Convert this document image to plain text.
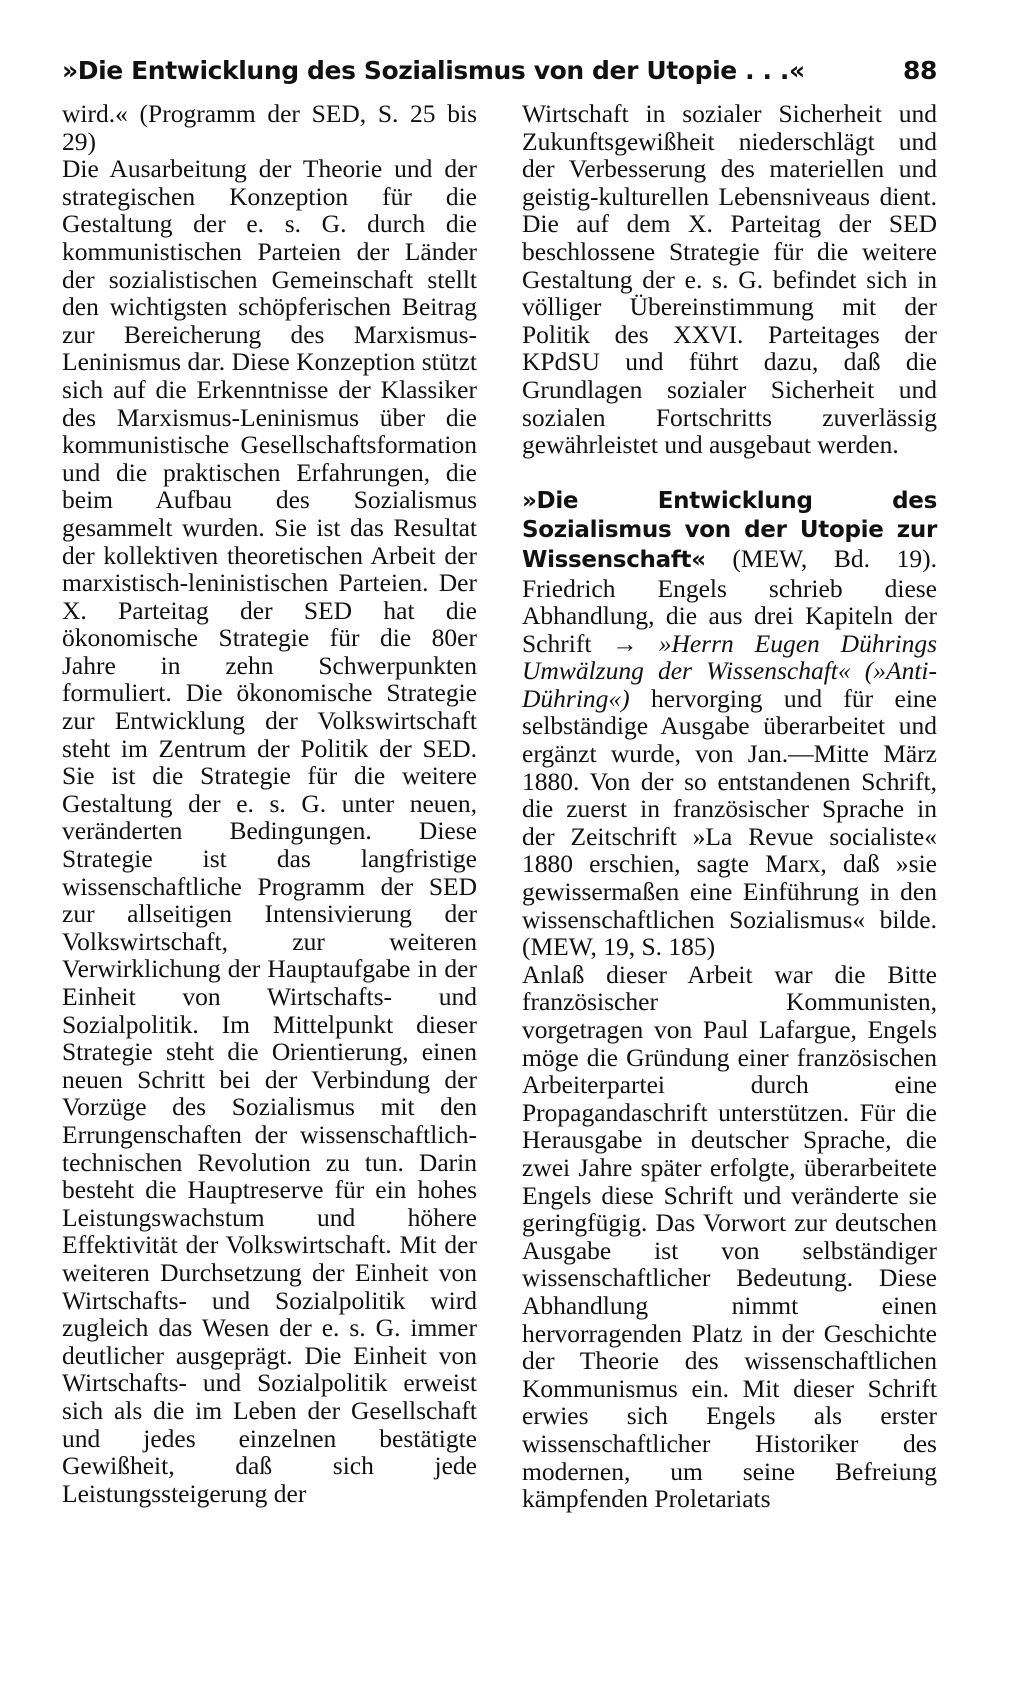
»Die Entwicklung des Sozialismus von der Utopie . . .«	88

wird.« (Programm der SED, S. 25 bis 29)

Die Ausarbeitung der Theorie und der strategischen Konzeption für die Gestaltung der e. s. G. durch die kommunistischen Parteien der Länder der sozialistischen Gemeinschaft stellt den wichtigsten schöpferischen Beitrag zur Bereicherung des Marxismus-Leninismus dar. Diese Konzeption stützt sich auf die Erkenntnisse der Klassiker des Marxismus-Leninismus über die kommunistische Gesellschaftsformation und die praktischen Erfahrungen, die beim Aufbau des Sozialismus gesammelt wurden. Sie ist das Resultat der kollektiven theoretischen Arbeit der marxistisch-leninistischen Parteien. Der X. Parteitag der SED hat die ökonomische Strategie für die 80er Jahre in zehn Schwerpunkten formuliert. Die ökonomische Strategie zur Entwicklung der Volkswirtschaft steht im Zentrum der Politik der SED. Sie ist die Strategie für die weitere Gestaltung der e. s. G. unter neuen, veränderten Bedingungen. Diese Strategie ist das langfristige wissenschaftliche Programm der SED zur allseitigen Intensivierung der Volkswirtschaft, zur weiteren Verwirklichung der Hauptaufgabe in der Einheit von Wirtschafts- und Sozialpolitik. Im Mittelpunkt dieser Strategie steht die Orientierung, einen neuen Schritt bei der Verbindung der Vorzüge des Sozialismus mit den Errungenschaften der wissenschaftlich-technischen Revolution zu tun. Darin besteht die Hauptreserve für ein hohes Leistungswachstum und höhere Effektivität der Volkswirtschaft. Mit der weiteren Durchsetzung der Einheit von Wirtschafts- und Sozialpolitik wird zugleich das Wesen der e. s. G. immer deutlicher ausgeprägt. Die Einheit von Wirtschafts- und Sozialpolitik erweist sich als die im Leben der Gesellschaft und jedes einzelnen bestätigte Gewißheit, daß sich jede Leistungssteigerung der

Wirtschaft in sozialer Sicherheit und Zukunftsgewißheit niederschlägt und der Verbesserung des materiellen und geistig-kulturellen Lebensniveaus dient. Die auf dem X. Parteitag der SED beschlossene Strategie für die weitere Gestaltung der e. s. G. befindet sich in völliger Übereinstimmung mit der Politik des XXVI. Parteitages der KPdSU und führt dazu, daß die Grundlagen sozialer Sicherheit und sozialen Fortschritts zuverlässig gewährleistet und ausgebaut werden.

»Die Entwicklung des Sozialismus von der Utopie zur Wissenschaft« (MEW, Bd. 19). Friedrich Engels schrieb diese Abhandlung, die aus drei Kapiteln der Schrift → »Herrn Eugen Dührings Umwälzung der Wissenschaft« (»Anti-Dühring«) hervorging und für eine selbständige Ausgabe überarbeitet und ergänzt wurde, von Jan.—Mitte März 1880. Von der so entstandenen Schrift, die zuerst in französischer Sprache in der Zeitschrift »La Revue socialiste« 1880 erschien, sagte Marx, daß »sie gewissermaßen eine Einführung in den wissenschaftlichen Sozialismus« bilde. (MEW, 19, S. 185)

Anlaß dieser Arbeit war die Bitte französischer Kommunisten, vorgetragen von Paul Lafargue, Engels möge die Gründung einer französischen Arbeiterpartei durch eine Propagandaschrift unterstützen. Für die Herausgabe in deutscher Sprache, die zwei Jahre später erfolgte, überarbeitete Engels diese Schrift und veränderte sie geringfügig. Das Vorwort zur deutschen Ausgabe ist von selbständiger wissenschaftlicher Bedeutung. Diese Abhandlung nimmt einen hervorragenden Platz in der Geschichte der Theorie des wissenschaftlichen Kommunismus ein. Mit dieser Schrift erwies sich Engels als erster wissenschaftlicher Historiker des modernen, um seine Befreiung kämpfenden Proletariats
